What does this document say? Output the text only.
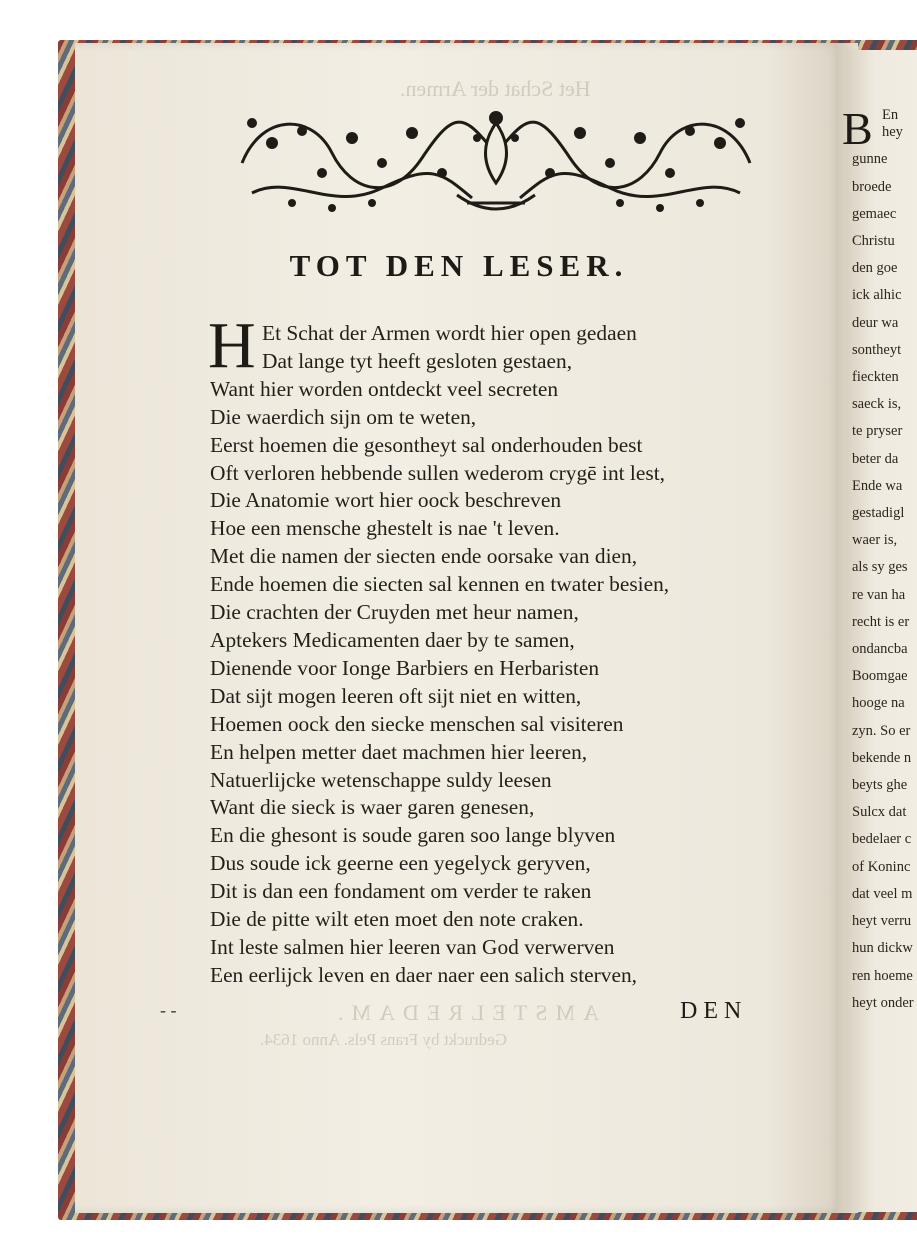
Het Schat der Armen.
AMSTELREDAM.
Gedruckt by Frans Pels. Anno 1634.
TOT DEN LESER.
H Et Schat der Armen wordt hier open gedaen
Dat lange tyt heeft gesloten gestaen,
Want hier worden ontdeckt veel secreten
Die waerdich sijn om te weten,
Eerst hoemen die gesontheyt sal onderhouden best
Oft verloren hebbende sullen wederom crygē int lest,
Die Anatomie wort hier oock beschreven
Hoe een mensche ghestelt is nae 't leven.
Met die namen der siecten ende oorsake van dien,
Ende hoemen die siecten sal kennen en twater besien,
Die crachten der Cruyden met heur namen,
Aptekers Medicamenten daer by te samen,
Dienende voor Ionge Barbiers en Herbaristen
Dat sijt mogen leeren oft sijt niet en witten,
Hoemen oock den siecke menschen sal visiteren
En helpen metter daet machmen hier leeren,
Natuerlijcke wetenschappe suldy leesen
Want die sieck is waer garen genesen,
En die ghesont is soude garen soo lange blyven
Dus soude ick geerne een yegelyck geryven,
Dit is dan een fondament om verder te raken
Die de pitte wilt eten moet den note craken.
Int leste salmen hier leeren van God verwerven
Een eerlijck leven en daer naer een salich sterven,
- -	DEN
B En
hey
gunne
broede
gemaec
Christu
den goe
ick alhic
deur wa
sontheyt
fieckten
saeck is,
te pryser
beter da
Ende wa
gestadigl
waer is,
als sy ges
re van ha
recht is er
ondancba
Boomgae
hooge na
zyn. So er
bekende n
beyts ghe
Sulcx dat
bedelaer c
of Koninc
dat veel m
heyt verru
hun dickw
ren hoeme
heyt onder
